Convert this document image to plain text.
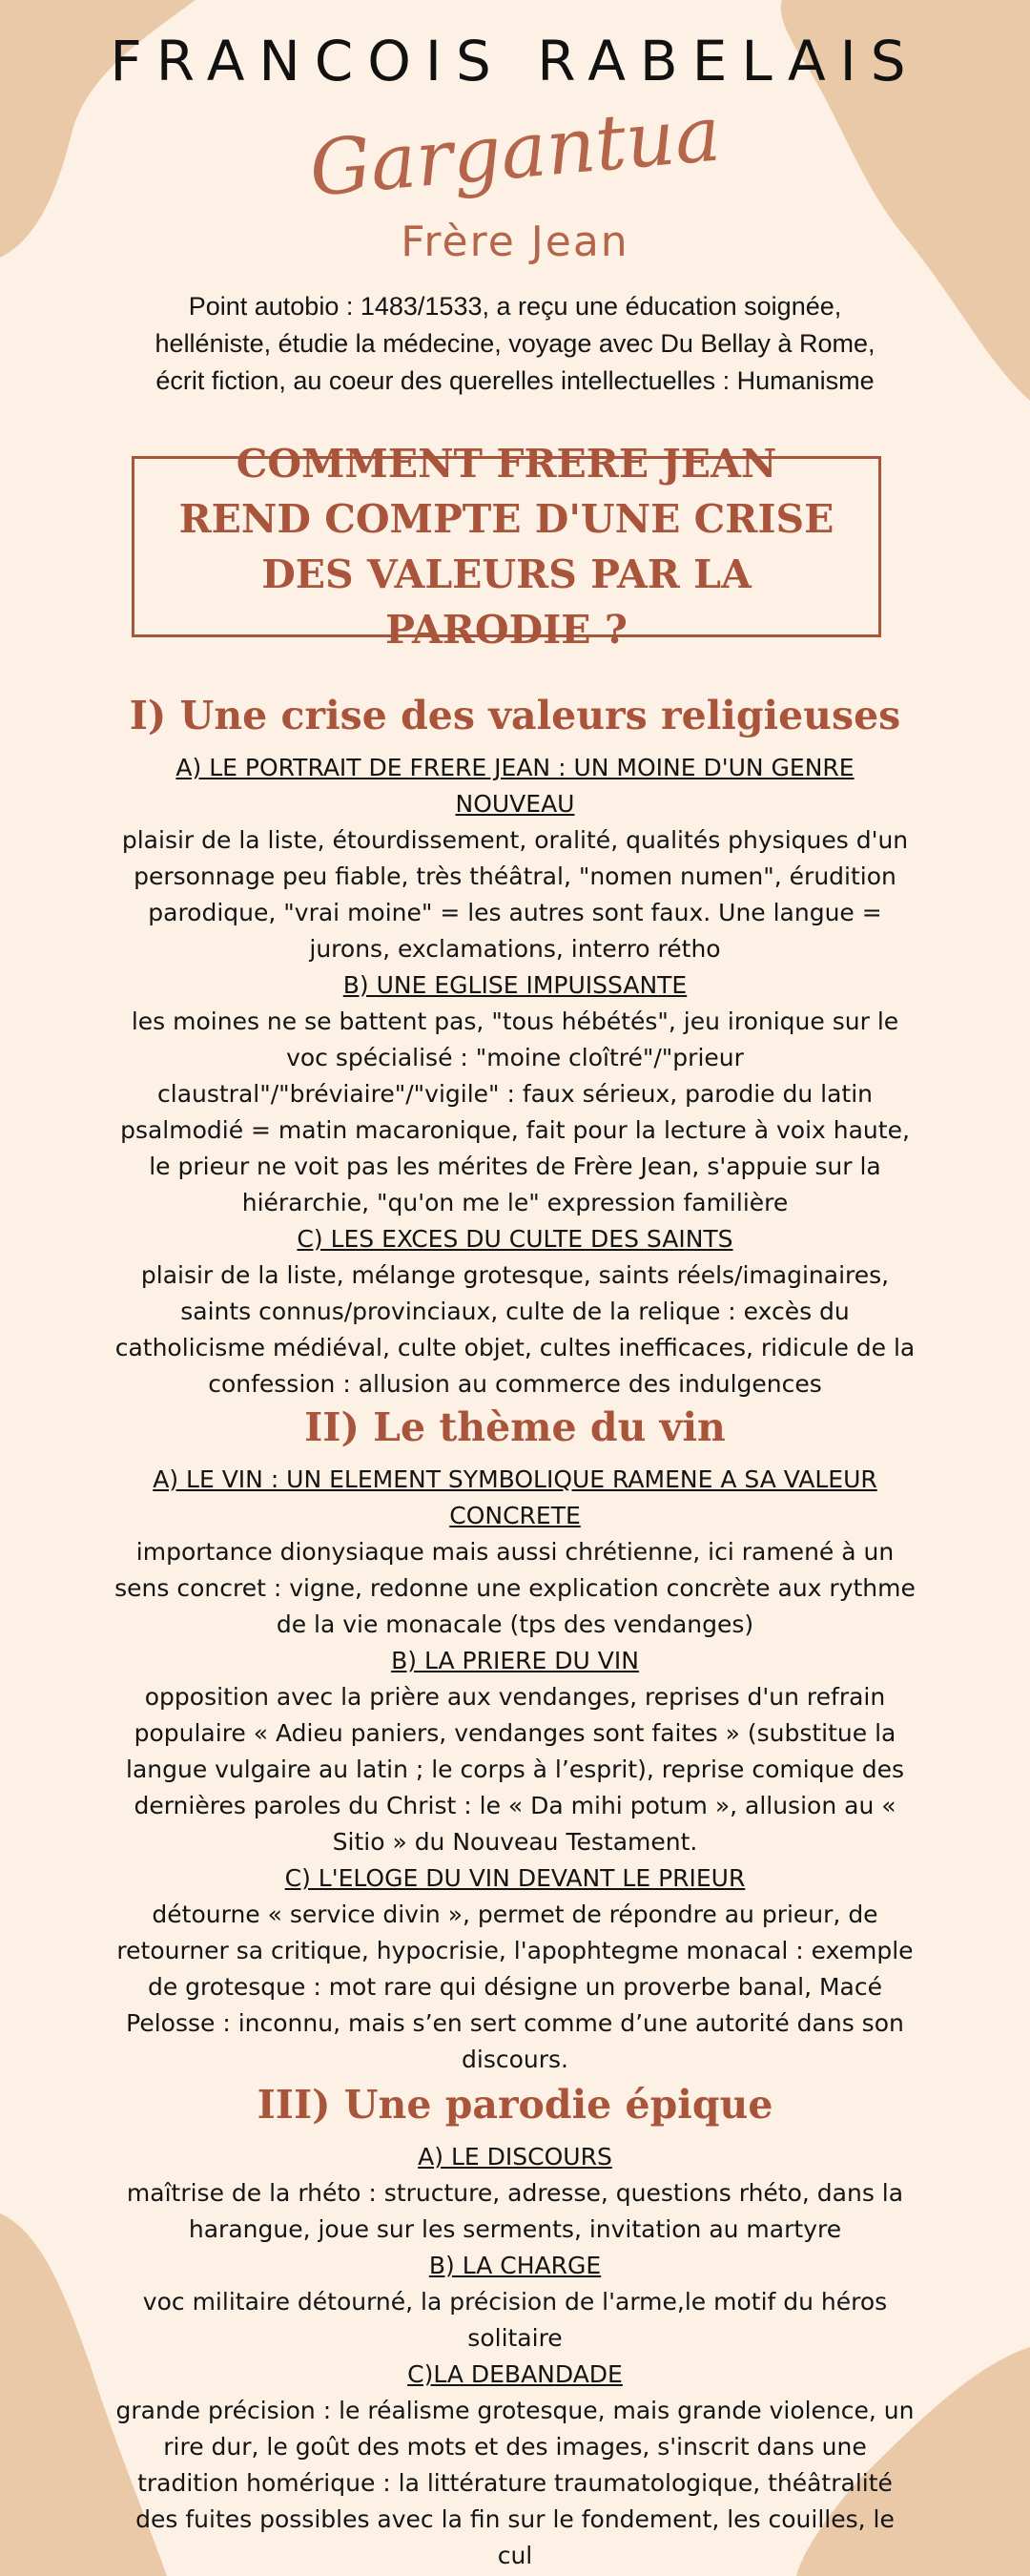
FRANCOIS RABELAIS
Gargantua
Frère Jean
Point autobio : 1483/1533, a reçu une éducation soignée, helléniste, étudie la médecine, voyage avec Du Bellay à Rome, écrit fiction, au coeur des querelles intellectuelles : Humanisme
COMMENT FRERE JEAN REND COMPTE D'UNE CRISE DES VALEURS PAR LA PARODIE ?
I) Une crise des valeurs religieuses

A) LE PORTRAIT DE FRERE JEAN : UN MOINE D'UN GENRE NOUVEAU

plaisir de la liste, étourdissement, oralité, qualités physiques d'un personnage peu fiable, très théâtral, "nomen numen", érudition parodique, "vrai moine" = les autres sont faux. Une langue = jurons, exclamations, interro rétho

B) UNE EGLISE IMPUISSANTE

les moines ne se battent pas, "tous hébétés", jeu ironique sur le voc spécialisé : "moine cloîtré"/"prieur claustral"/"bréviaire"/"vigile" : faux sérieux, parodie du latin psalmodié = matin macaronique, fait pour la lecture à voix haute, le prieur ne voit pas les mérites de Frère Jean, s'appuie sur la hiérarchie, "qu'on me le" expression familière

C) LES EXCES DU CULTE DES SAINTS

plaisir de la liste, mélange grotesque, saints réels/imaginaires, saints connus/provinciaux, culte de la relique : excès du catholicisme médiéval, culte objet, cultes inefficaces, ridicule de la confession : allusion au commerce des indulgences

II) Le thème du vin

A) LE VIN : UN ELEMENT SYMBOLIQUE RAMENE A SA VALEUR CONCRETE

importance dionysiaque mais aussi chrétienne, ici ramené à un sens concret : vigne, redonne une explication concrète aux rythme de la vie monacale (tps des vendanges)

B) LA PRIERE DU VIN

opposition avec la prière aux vendanges, reprises d'un refrain populaire « Adieu paniers, vendanges sont faites » (substitue la langue vulgaire au latin ; le corps à l’esprit), reprise comique des dernières paroles du Christ : le « Da mihi potum », allusion au « Sitio » du Nouveau Testament.

C) L'ELOGE DU VIN DEVANT LE PRIEUR

détourne « service divin », permet de répondre au prieur, de retourner sa critique, hypocrisie, l'apophtegme monacal : exemple de grotesque : mot rare qui désigne un proverbe banal, Macé Pelosse : inconnu, mais s’en sert comme d’une autorité dans son discours.

III) Une parodie épique

A) LE DISCOURS

maîtrise de la rhéto : structure, adresse, questions rhéto, dans la harangue, joue sur les serments, invitation au martyre

B) LA CHARGE

voc militaire détourné, la précision de l'arme,le motif du héros solitaire

C)LA DEBANDADE

grande précision : le réalisme grotesque, mais grande violence, un rire dur, le goût des mots et des images, s'inscrit dans une tradition homérique : la littérature traumatologique, théâtralité des fuites possibles avec la fin sur le fondement, les couilles, le cul
